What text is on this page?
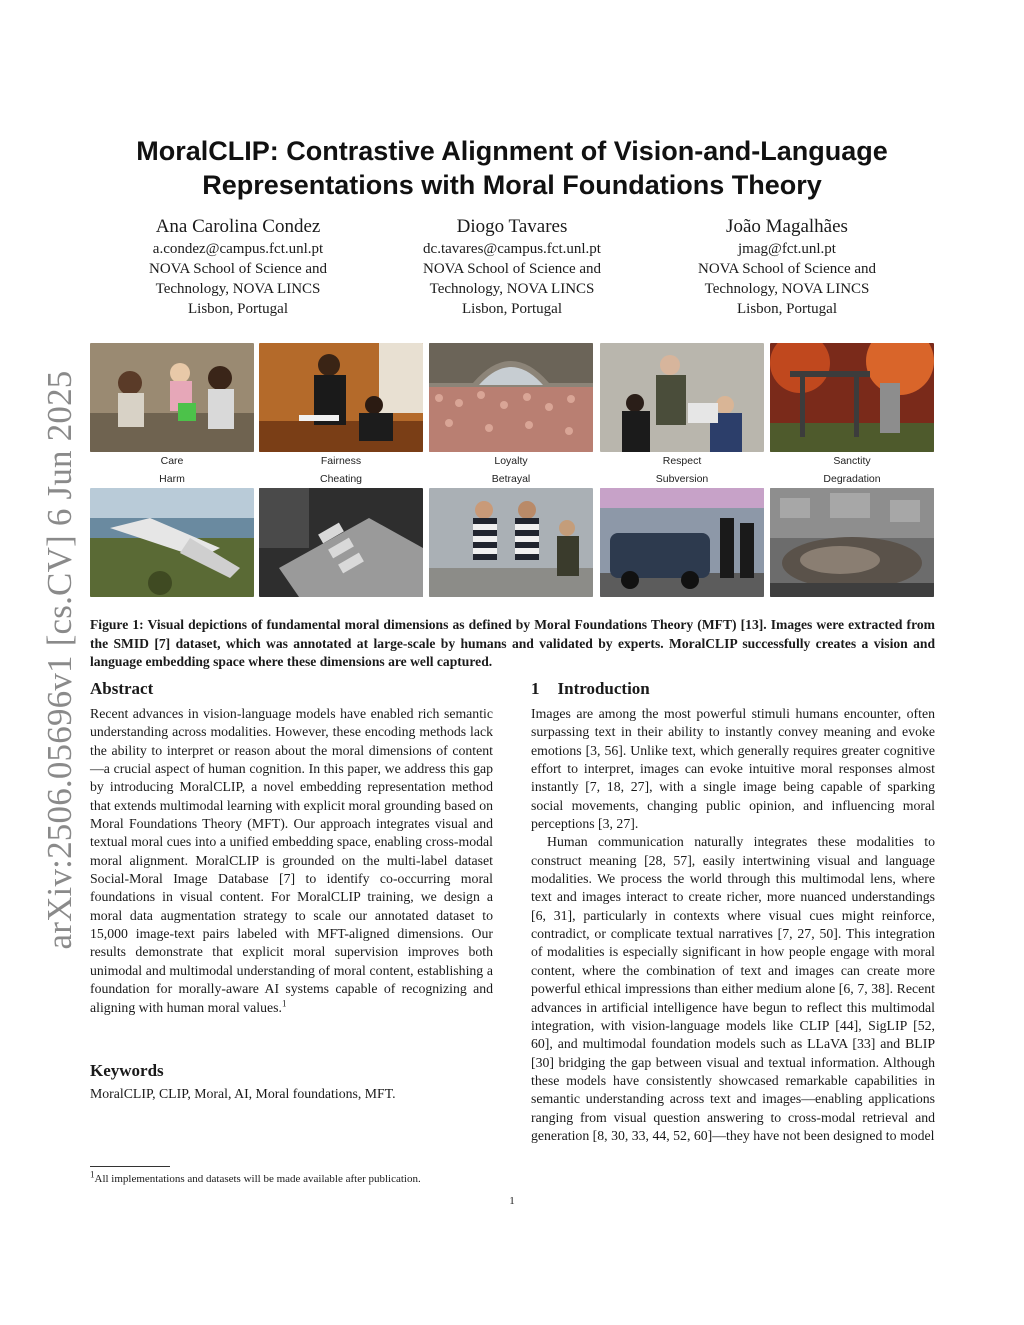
arXiv:2506.05696v1 [cs.CV] 6 Jun 2025
MoralCLIP: Contrastive Alignment of Vision-and-Language
Representations with Moral Foundations Theory
Ana Carolina Condez
a.condez@campus.fct.unl.pt
NOVA School of Science and
Technology, NOVA LINCS
Lisbon, Portugal
Diogo Tavares
dc.tavares@campus.fct.unl.pt
NOVA School of Science and
Technology, NOVA LINCS
Lisbon, Portugal
João Magalhães
jmag@fct.unl.pt
NOVA School of Science and
Technology, NOVA LINCS
Lisbon, Portugal
Care	Fairness	Loyalty	Respect	Sanctity
Harm	Cheating	Betrayal	Subversion	Degradation
Figure 1: Visual depictions of fundamental moral dimensions as defined by Moral Foundations Theory (MFT) [13]. Images were extracted from the SMID [7] dataset, which was annotated at large-scale by humans and validated by experts. MoralCLIP successfully creates a vision and language embedding space where these dimensions are well captured.
Abstract

Recent advances in vision-language models have enabled rich semantic understanding across modalities. However, these encoding methods lack the ability to interpret or reason about the moral dimensions of content—a crucial aspect of human cognition. In this paper, we address this gap by introducing MoralCLIP, a novel embedding representation method that extends multimodal learning with explicit moral grounding based on Moral Foundations Theory (MFT). Our approach integrates visual and textual moral cues into a unified embedding space, enabling cross-modal moral alignment. MoralCLIP is grounded on the multi-label dataset Social-Moral Image Database [7] to identify co-occurring moral foundations in visual content. For MoralCLIP training, we design a moral data augmentation strategy to scale our annotated dataset to 15,000 image-text pairs labeled with MFT-aligned dimensions. Our results demonstrate that explicit moral supervision improves both unimodal and multimodal understanding of moral content, establishing a foundation for morally-aware AI systems capable of recognizing and aligning with human moral values.$^1$

Keywords
MoralCLIP, CLIP, Moral, AI, Moral foundations, MFT.
1 Introduction

Images are among the most powerful stimuli humans encounter, often surpassing text in their ability to instantly convey meaning and evoke emotions [3, 56]. Unlike text, which generally requires greater cognitive effort to interpret, images can evoke intuitive moral responses almost instantly [7, 18, 27], with a single image being capable of sparking social movements, changing public opinion, and influencing moral perceptions [3, 27].

Human communication naturally integrates these modalities to construct meaning [28, 57], easily intertwining visual and language modalities. We process the world through this multimodal lens, where text and images interact to create richer, more nuanced understandings [6, 31], particularly in contexts where visual cues might reinforce, contradict, or complicate textual narratives [7, 27, 50]. This integration of modalities is especially significant in how people engage with moral content, where the combination of text and images can create more powerful ethical impressions than either medium alone [6, 7, 38]. Recent advances in artificial intelligence have begun to reflect this multimodal integration, with vision-language models like CLIP [44], SigLIP [52, 60], and multimodal foundation models such as LLaVA [33] and BLIP [30] bridging the gap between visual and textual information. Although these models have consistently showcased remarkable capabilities in semantic understanding across text and images—enabling applications ranging from visual question answering to cross-modal retrieval and generation [8, 30, 33, 44, 52, 60]—they have not been designed to model

$^1$All implementations and datasets will be made available after publication.
1
